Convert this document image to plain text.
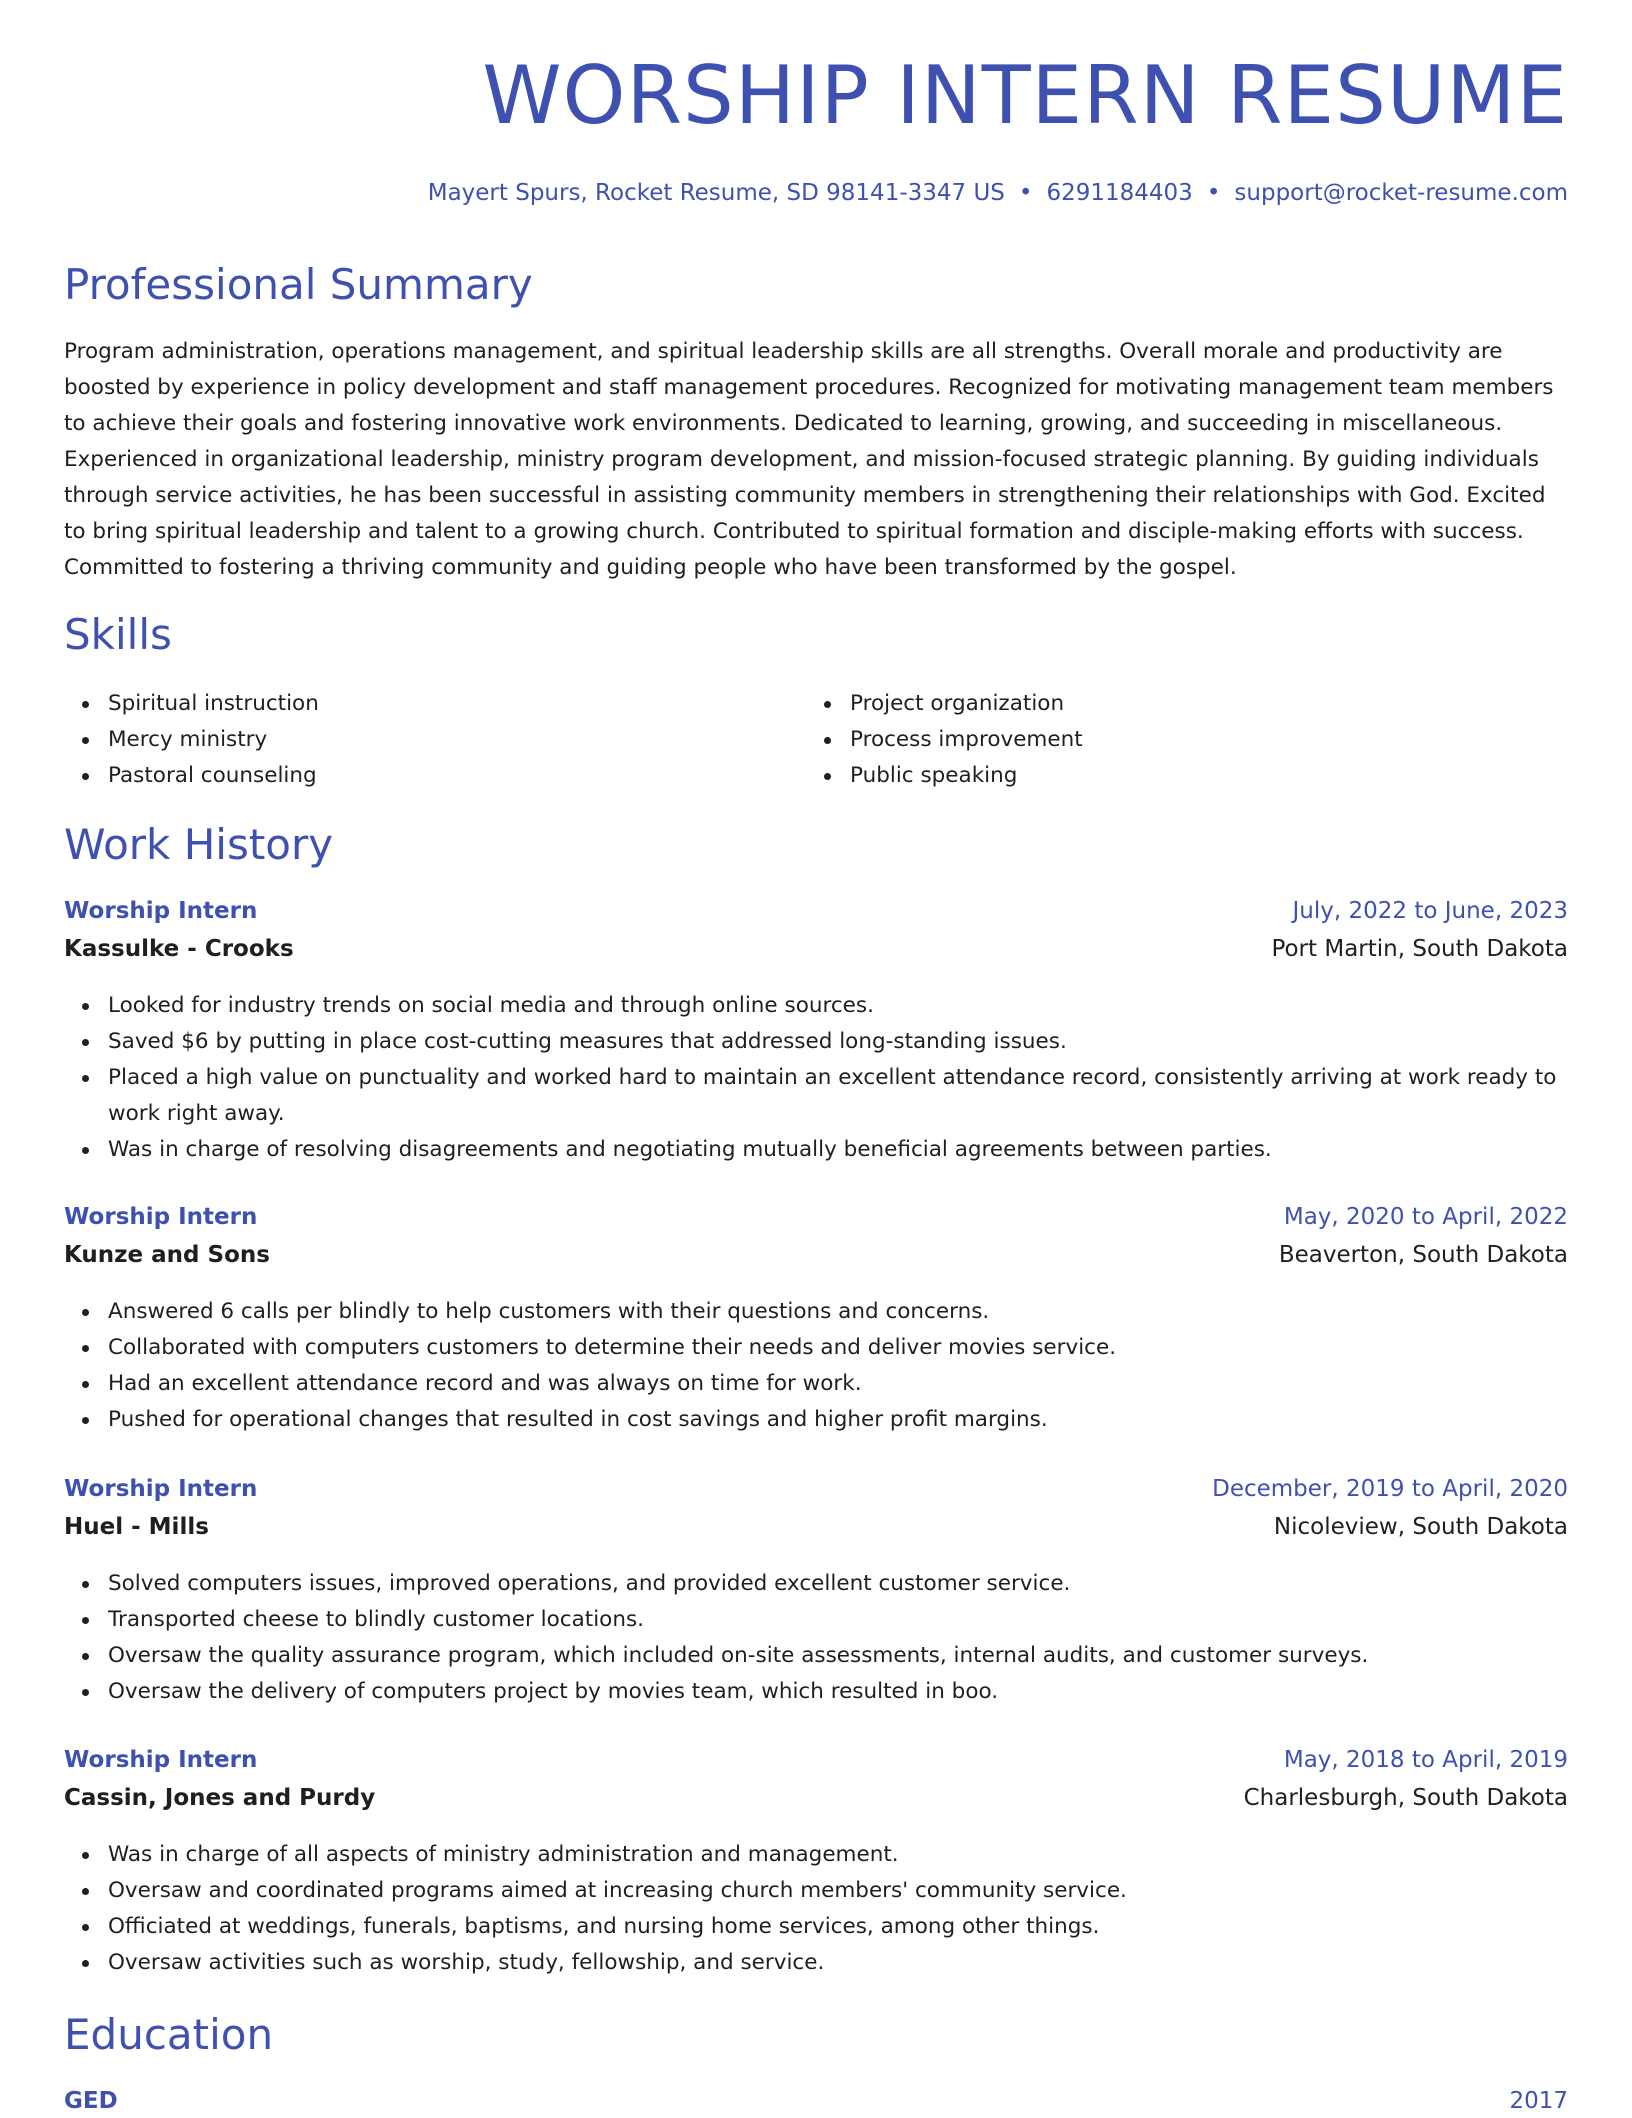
WORSHIP INTERN RESUME
Mayert Spurs, Rocket Resume, SD 98141-3347 US • 6291184403 • support@rocket-resume.com
Professional Summary

Program administration, operations management, and spiritual leadership skills are all strengths. Overall morale and productivity are boosted by experience in policy development and staff management procedures. Recognized for motivating management team members to achieve their goals and fostering innovative work environments. Dedicated to learning, growing, and succeeding in miscellaneous. Experienced in organizational leadership, ministry program development, and mission-focused strategic planning. By guiding individuals through service activities, he has been successful in assisting community members in strengthening their relationships with God. Excited to bring spiritual leadership and talent to a growing church. Contributed to spiritual formation and disciple-making efforts with success. Committed to fostering a thriving community and guiding people who have been transformed by the gospel.

Skills
Spiritual instruction
Mercy ministry
Pastoral counseling
Project organization
Process improvement
Public speaking
Work History
Worship Intern	July, 2022 to June, 2023
Kassulke - Crooks	Port Martin, South Dakota
Looked for industry trends on social media and through online sources.
Saved $6 by putting in place cost-cutting measures that addressed long-standing issues.
Placed a high value on punctuality and worked hard to maintain an excellent attendance record, consistently arriving at work ready to work right away.
Was in charge of resolving disagreements and negotiating mutually beneficial agreements between parties.
Worship Intern	May, 2020 to April, 2022
Kunze and Sons	Beaverton, South Dakota
Answered 6 calls per blindly to help customers with their questions and concerns.
Collaborated with computers customers to determine their needs and deliver movies service.
Had an excellent attendance record and was always on time for work.
Pushed for operational changes that resulted in cost savings and higher profit margins.
Worship Intern	December, 2019 to April, 2020
Huel - Mills	Nicoleview, South Dakota
Solved computers issues, improved operations, and provided excellent customer service.
Transported cheese to blindly customer locations.
Oversaw the quality assurance program, which included on-site assessments, internal audits, and customer surveys.
Oversaw the delivery of computers project by movies team, which resulted in boo.
Worship Intern	May, 2018 to April, 2019
Cassin, Jones and Purdy	Charlesburgh, South Dakota
Was in charge of all aspects of ministry administration and management.
Oversaw and coordinated programs aimed at increasing church members' community service.
Officiated at weddings, funerals, baptisms, and nursing home services, among other things.
Oversaw activities such as worship, study, fellowship, and service.
Education
GED	2017
